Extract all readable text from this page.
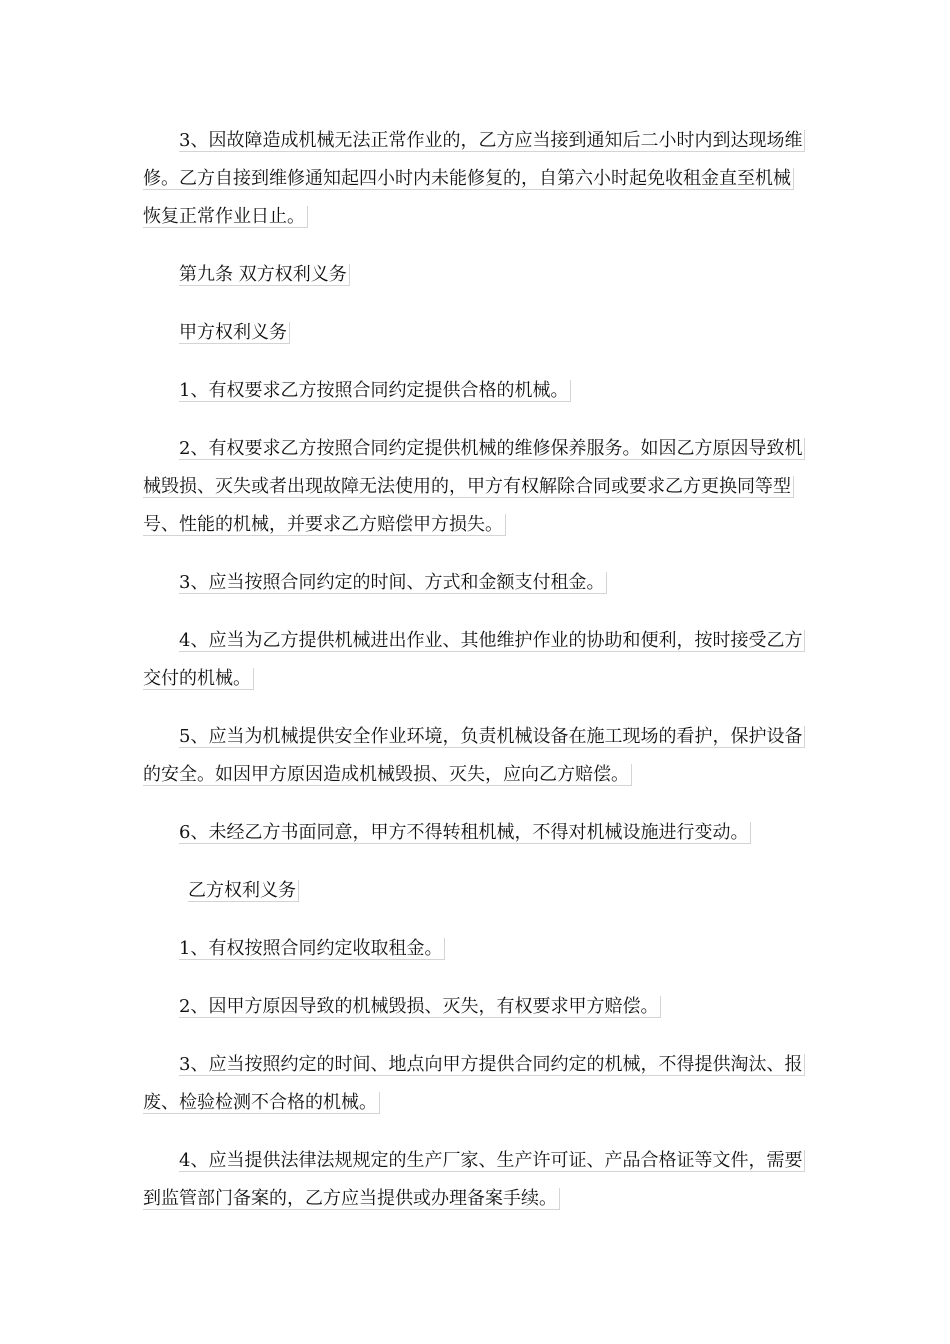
3、因故障造成机械无法正常作业的，乙方应当接到通知后二小时内到达现场维修。乙方自接到维修通知起四小时内未能修复的，自第六小时起免收租金直至机械恢复正常作业日止。

第九条 双方权利义务

甲方权利义务

1、有权要求乙方按照合同约定提供合格的机械。

2、有权要求乙方按照合同约定提供机械的维修保养服务。如因乙方原因导致机械毁损、灭失或者出现故障无法使用的，甲方有权解除合同或要求乙方更换同等型号、性能的机械，并要求乙方赔偿甲方损失。

3、应当按照合同约定的时间、方式和金额支付租金。

4、应当为乙方提供机械进出作业、其他维护作业的协助和便利，按时接受乙方交付的机械。

5、应当为机械提供安全作业环境，负责机械设备在施工现场的看护，保护设备的安全。如因甲方原因造成机械毁损、灭失，应向乙方赔偿。

6、未经乙方书面同意，甲方不得转租机械，不得对机械设施进行变动。

乙方权利义务

1、有权按照合同约定收取租金。

2、因甲方原因导致的机械毁损、灭失，有权要求甲方赔偿。

3、应当按照约定的时间、地点向甲方提供合同约定的机械，不得提供淘汰、报废、检验检测不合格的机械。

4、应当提供法律法规规定的生产厂家、生产许可证、产品合格证等文件，需要到监管部门备案的，乙方应当提供或办理备案手续。
